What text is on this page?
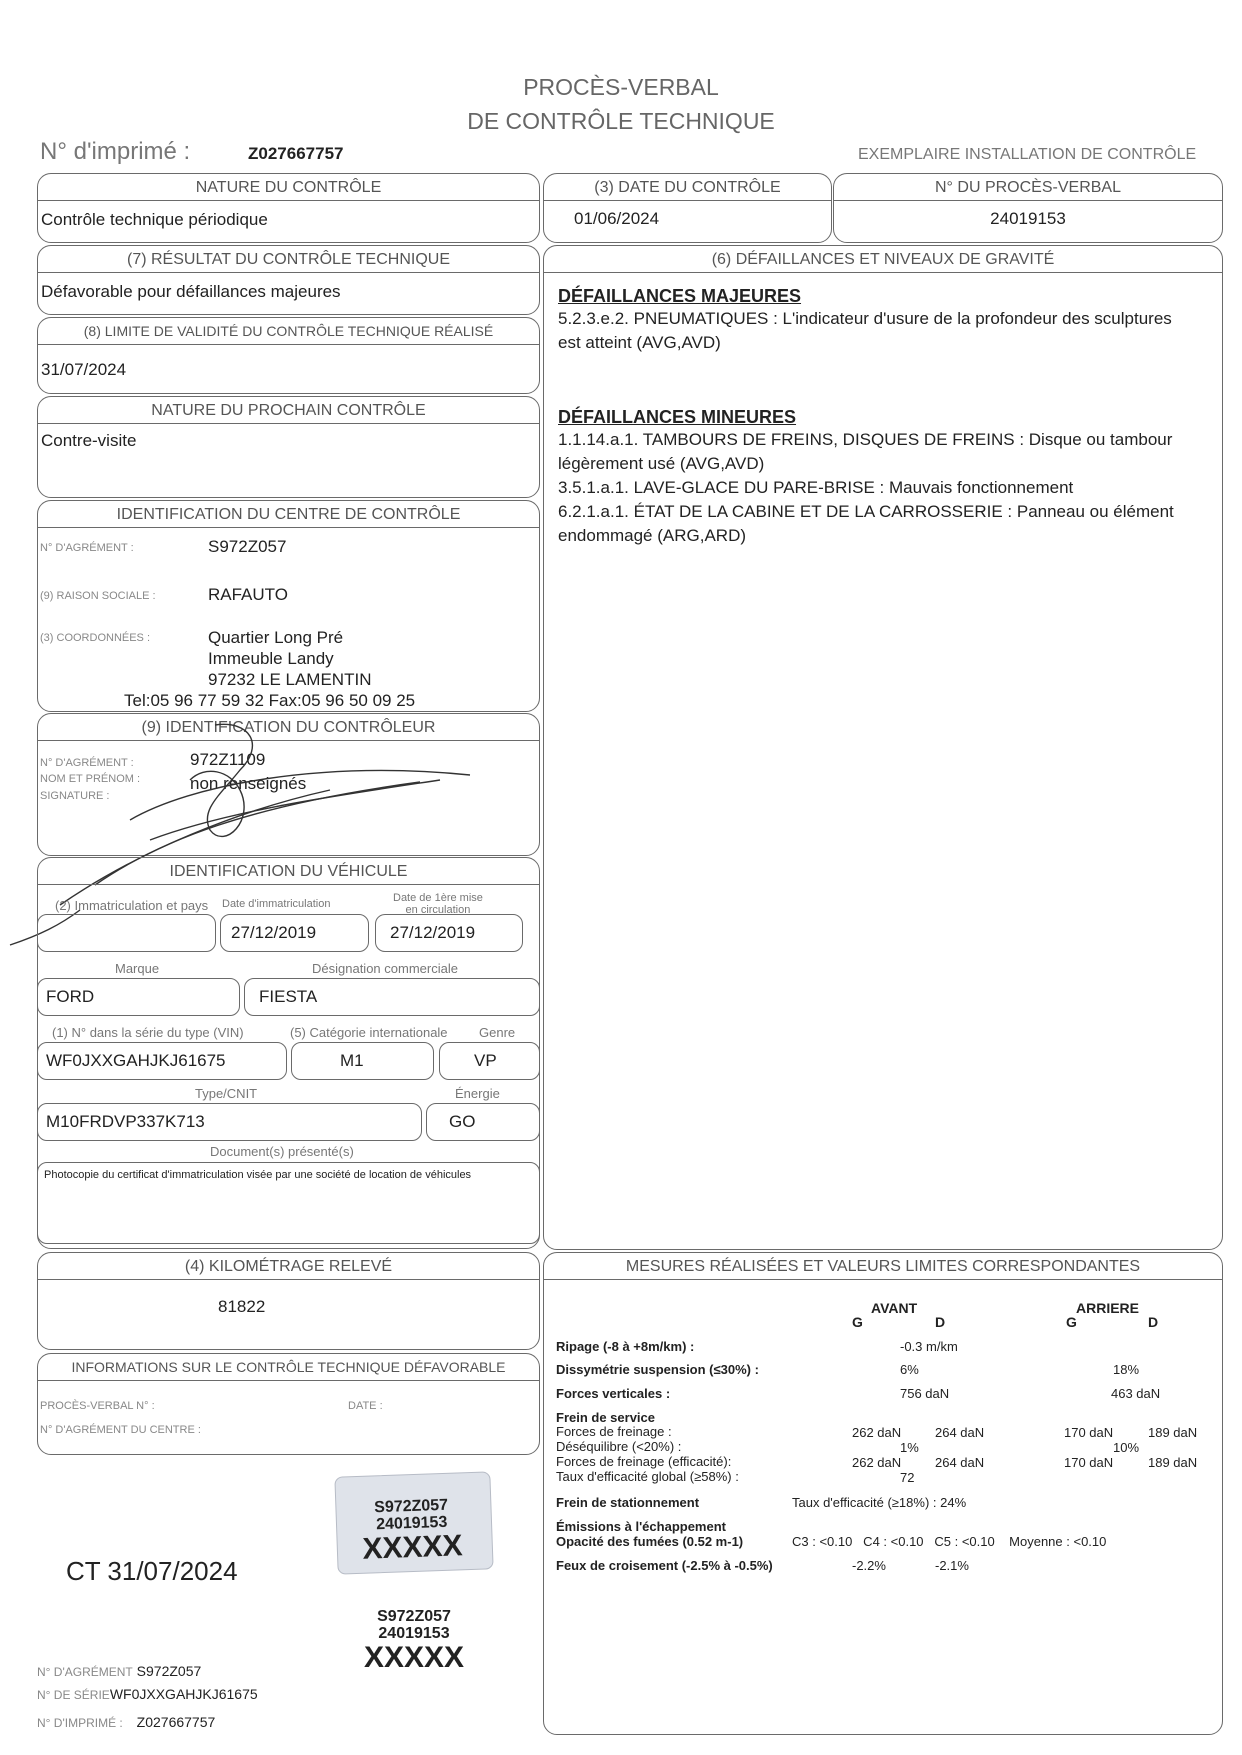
PROCÈS-VERBAL
DE CONTRÔLE TECHNIQUE
N° d'imprimé :	Z027667757	EXEMPLAIRE INSTALLATION DE CONTRÔLE
NATURE DU CONTRÔLE
Contrôle technique périodique
(3) DATE DU CONTRÔLE
01/06/2024
N° DU PROCÈS-VERBAL
24019153
(7) RÉSULTAT DU CONTRÔLE TECHNIQUE
Défavorable pour défaillances majeures
(8) LIMITE DE VALIDITÉ DU CONTRÔLE TECHNIQUE RÉALISÉ
31/07/2024
NATURE DU PROCHAIN CONTRÔLE
Contre-visite
IDENTIFICATION DU CENTRE DE CONTRÔLE
N° D'AGRÉMENT :	S972Z057
(9) RAISON SOCIALE :	RAFAUTO
(3) COORDONNÉES :	Quartier Long Pré
Immeuble Landy
97232 LE LAMENTIN
Tel:05 96 77 59 32 Fax:05 96 50 09 25
(9) IDENTIFICATION DU CONTRÔLEUR
N° D'AGRÉMENT :	972Z1109
NOM ET PRÉNOM :	non renseignés
SIGNATURE :
IDENTIFICATION DU VÉHICULE
(2) Immatriculation et pays Date d'immatriculation	Date de 1ère mise
en circulation
27/12/2019	27/12/2019
Marque	Désignation commerciale
FORD	FIESTA
(1) N° dans la série du type (VIN)	(5) Catégorie internationale Genre
WF0JXXGAHJKJ61675	M1	VP
Type/CNIT	Énergie
M10FRDVP337K713	GO
Document(s) présenté(s)
Photocopie du certificat d'immatriculation visée par une société de location de véhicules
(4) KILOMÉTRAGE RELEVÉ
81822
INFORMATIONS SUR LE CONTRÔLE TECHNIQUE DÉFAVORABLE
PROCÈS-VERBAL N° :	DATE :
N° D'AGRÉMENT DU CENTRE :
(6) DÉFAILLANCES ET NIVEAUX DE GRAVITÉ
DÉFAILLANCES MAJEURES
5.2.3.e.2. PNEUMATIQUES : L'indicateur d'usure de la profondeur des sculptures est atteint (AVG,AVD)
DÉFAILLANCES MINEURES
1.1.14.a.1. TAMBOURS DE FREINS, DISQUES DE FREINS : Disque ou tambour légèrement usé (AVG,AVD)
3.5.1.a.1. LAVE-GLACE DU PARE-BRISE : Mauvais fonctionnement
6.2.1.a.1. ÉTAT DE LA CABINE ET DE LA CARROSSERIE : Panneau ou élément endommagé (ARG,ARD)
MESURES RÉALISÉES ET VALEURS LIMITES CORRESPONDANTES
AVANT	ARRIERE
G	D	G	D
Ripage (-8 à +8m/km) :	-0.3 m/km
Dissymétrie suspension (≤30%) :	6%	18%
Forces verticales :	756 daN	463 daN
Frein de service
Forces de freinage :	262 daN	264 daN	170 daN	189 daN
Déséquilibre (<20%) :	1%	10%
Forces de freinage (efficacité):	262 daN	264 daN	170 daN	189 daN
Taux d'efficacité global (≥58%) :	72
Frein de stationnement	Taux d'efficacité (≥18%) : 24%
Émissions à l'échappement
Opacité des fumées (0.52 m-1)	C3 : <0.10   C4 : <0.10   C5 : <0.10    Moyenne : <0.10
Feux de croisement (-2.5% à -0.5%)	-2.2%	-2.1%
S972Z057
24019153
XXXXX
CT 31/07/2024
S972Z057
24019153
XXXXX
N° D'AGRÉMENT S972Z057
N° DE SÉRIEWF0JXXGAHJKJ61675
N° D'IMPRIMÉ : Z027667757
